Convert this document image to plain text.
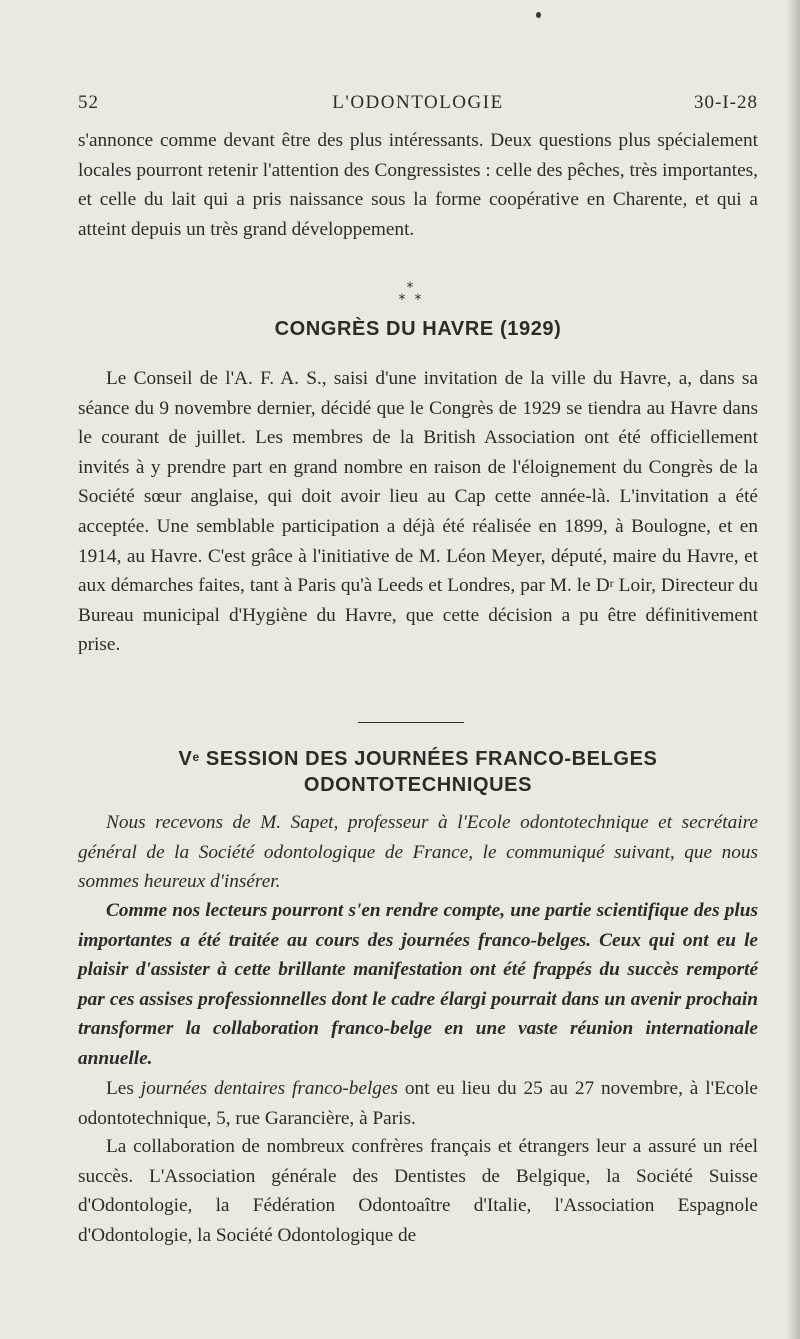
52	L'ODONTOLOGIE	30-I-28

s'annonce comme devant être des plus intéressants. Deux questions plus spécialement locales pourront retenir l'attention des Congressistes : celle des pêches, très importantes, et celle du lait qui a pris naissance sous la forme coopérative en Charente, et qui a atteint depuis un très grand développement.

*
*  *
CONGRÈS DU HAVRE (1929)

Le Conseil de l'A. F. A. S., saisi d'une invitation de la ville du Havre, a, dans sa séance du 9 novembre dernier, décidé que le Congrès de 1929 se tiendra au Havre dans le courant de juillet. Les membres de la British Association ont été officiellement invités à y prendre part en grand nombre en raison de l'éloignement du Congrès de la Société sœur anglaise, qui doit avoir lieu au Cap cette année-là. L'invitation a été acceptée. Une semblable participation a déjà été réalisée en 1899, à Boulogne, et en 1914, au Havre. C'est grâce à l'initiative de M. Léon Meyer, député, maire du Havre, et aux démarches faites, tant à Paris qu'à Leeds et Londres, par M. le $D^r$ Loir, Directeur du Bureau municipal d'Hygiène du Havre, que cette décision a pu être définitivement prise.

Ve SESSION DES JOURNÉES FRANCO-BELGES
ODONTOTECHNIQUES

Nous recevons de M. Sapet, professeur à l'Ecole odontotechnique et secrétaire général de la Société odontologique de France, le communiqué suivant, que nous sommes heureux d'insérer.

Comme nos lecteurs pourront s'en rendre compte, une partie scientifique des plus importantes a été traitée au cours des journées franco-belges. Ceux qui ont eu le plaisir d'assister à cette brillante manifestation ont été frappés du succès remporté par ces assises professionnelles dont le cadre élargi pourrait dans un avenir prochain transformer la collaboration franco-belge en une vaste réunion internationale annuelle.

Les journées dentaires franco-belges ont eu lieu du 25 au 27 novembre, à l'Ecole odontotechnique, 5, rue Garancière, à Paris.

La collaboration de nombreux confrères français et étrangers leur a assuré un réel succès. L'Association générale des Dentistes de Belgique, la Société Suisse d'Odontologie, la Fédération Odontoaître d'Italie, l'Association Espagnole d'Odontologie, la Société Odontologique de
